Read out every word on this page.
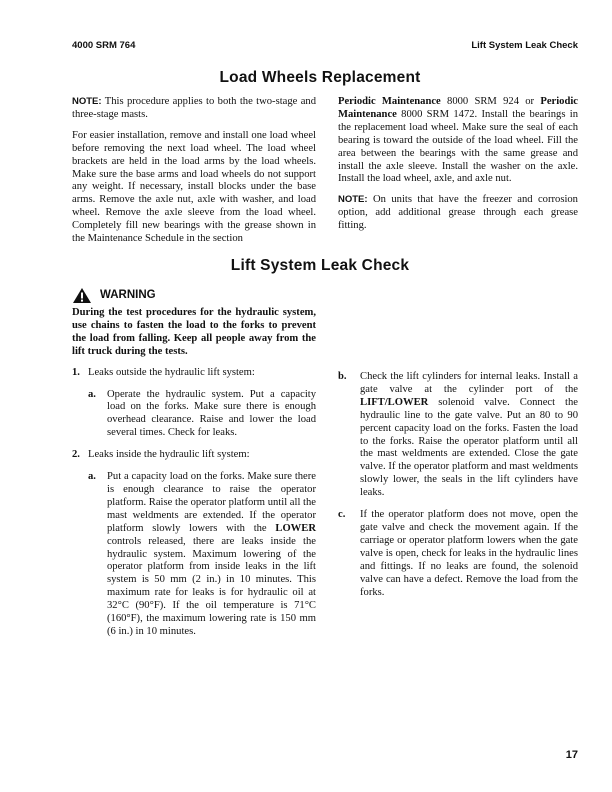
4000 SRM 764	Lift System Leak Check
Load Wheels Replacement

NOTE: This procedure applies to both the two-stage and three-stage masts.

For easier installation, remove and install one load wheel before removing the next load wheel. The load wheel brackets are held in the load arms by the load wheels. Make sure the base arms and load wheels do not support any weight. If necessary, install blocks under the base arms. Remove the axle nut, axle with washer, and load wheel. Remove the axle sleeve from the load wheel. Completely fill new bearings with the grease shown in the Maintenance Schedule in the section

Periodic Maintenance 8000 SRM 924 or Periodic Maintenance 8000 SRM 1472. Install the bearings in the replacement load wheel. Make sure the seal of each bearing is toward the outside of the load wheel. Fill the area between the bearings with the same grease and install the axle sleeve. Install the washer on the axle. Install the load wheel, axle, and axle nut.

NOTE: On units that have the freezer and corrosion option, add additional grease through each grease fitting.

Lift System Leak Check
WARNING

During the test procedures for the hydraulic system, use chains to fasten the load to the forks to prevent the load from falling. Keep all people away from the lift truck during the tests.

1. Leaks outside the hydraulic lift system:
a. Operate the hydraulic system. Put a capacity load on the forks. Make sure there is enough overhead clearance. Raise and lower the load several times. Check for leaks.
2. Leaks inside the hydraulic lift system:
a. Put a capacity load on the forks. Make sure there is enough clearance to raise the operator platform. Raise the operator platform until all the mast weldments are extended. If the operator platform slowly lowers with the LOWER controls released, there are leaks inside the hydraulic system. Maximum lowering of the operator platform from inside leaks in the lift system is 50 mm (2 in.) in 10 minutes. This maximum rate for leaks is for hydraulic oil at 32°C (90°F). If the oil temperature is 71°C (160°F), the maximum lowering rate is 150 mm (6 in.) in 10 minutes.
b. Check the lift cylinders for internal leaks. Install a gate valve at the cylinder port of the LIFT/LOWER solenoid valve. Connect the hydraulic line to the gate valve. Put an 80 to 90 percent capacity load on the forks. Fasten the load to the forks. Raise the operator platform until all the mast weldments are extended. Close the gate valve. If the operator platform and mast weldments slowly lower, the seals in the lift cylinders have leaks.
c. If the operator platform does not move, open the gate valve and check the movement again. If the carriage or operator platform lowers when the gate valve is open, check for leaks in the hydraulic lines and fittings. If no leaks are found, the solenoid valve can have a defect. Remove the load from the forks.
17
